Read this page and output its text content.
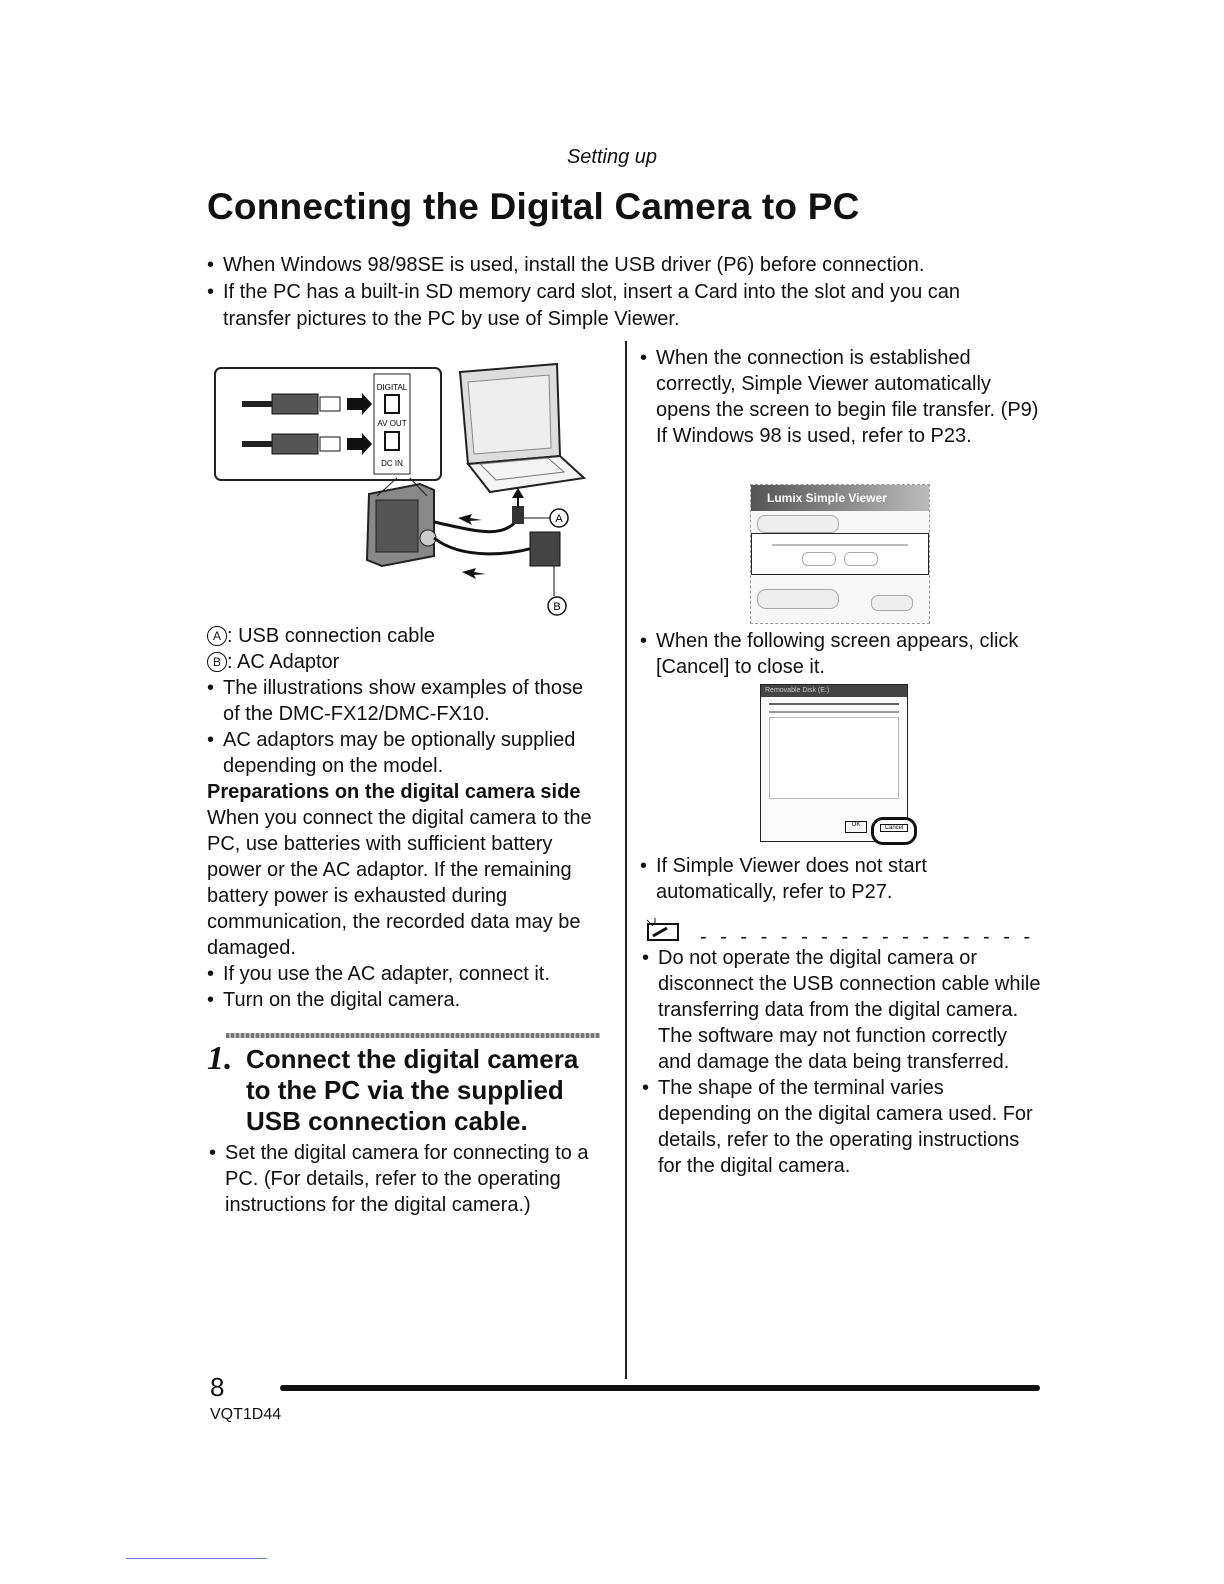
Setting up
Connecting the Digital Camera to PC
• When Windows 98/98SE is used, install the USB driver (P6) before connection.
• If the PC has a built-in SD memory card slot, insert a Card into the slot and you can transfer pictures to the PC by use of Simple Viewer.
DIGITAL
AV OUT
DC IN
A
B
A : USB connection cable
B : AC Adaptor
• The illustrations show examples of those of the DMC-FX12/DMC-FX10.
• AC adaptors may be optionally supplied depending on the model.
Preparations on the digital camera side
When you connect the digital camera to the PC, use batteries with sufficient battery power or the AC adaptor. If the remaining battery power is exhausted during communication, the recorded data may be damaged.
• If you use the AC adapter, connect it.
• Turn on the digital camera.
1. Connect the digital camera to the PC via the supplied USB connection cable.
• Set the digital camera for connecting to a PC. (For details, refer to the operating instructions for the digital camera.)
• When the connection is established correctly, Simple Viewer automatically opens the screen to begin file transfer. (P9)
If Windows 98 is used, refer to P23.
Lumix Simple Viewer
• When the following screen appears, click [Cancel] to close it.
Removable Disk (E:)
OK	Cancel
• If Simple Viewer does not start automatically, refer to P27.
- - - - - - - - - - - - - - - - -
• Do not operate the digital camera or disconnect the USB connection cable while transferring data from the digital camera. The software may not function correctly and damage the data being transferred.
• The shape of the terminal varies depending on the digital camera used. For details, refer to the operating instructions for the digital camera.
8
VQT1D44
